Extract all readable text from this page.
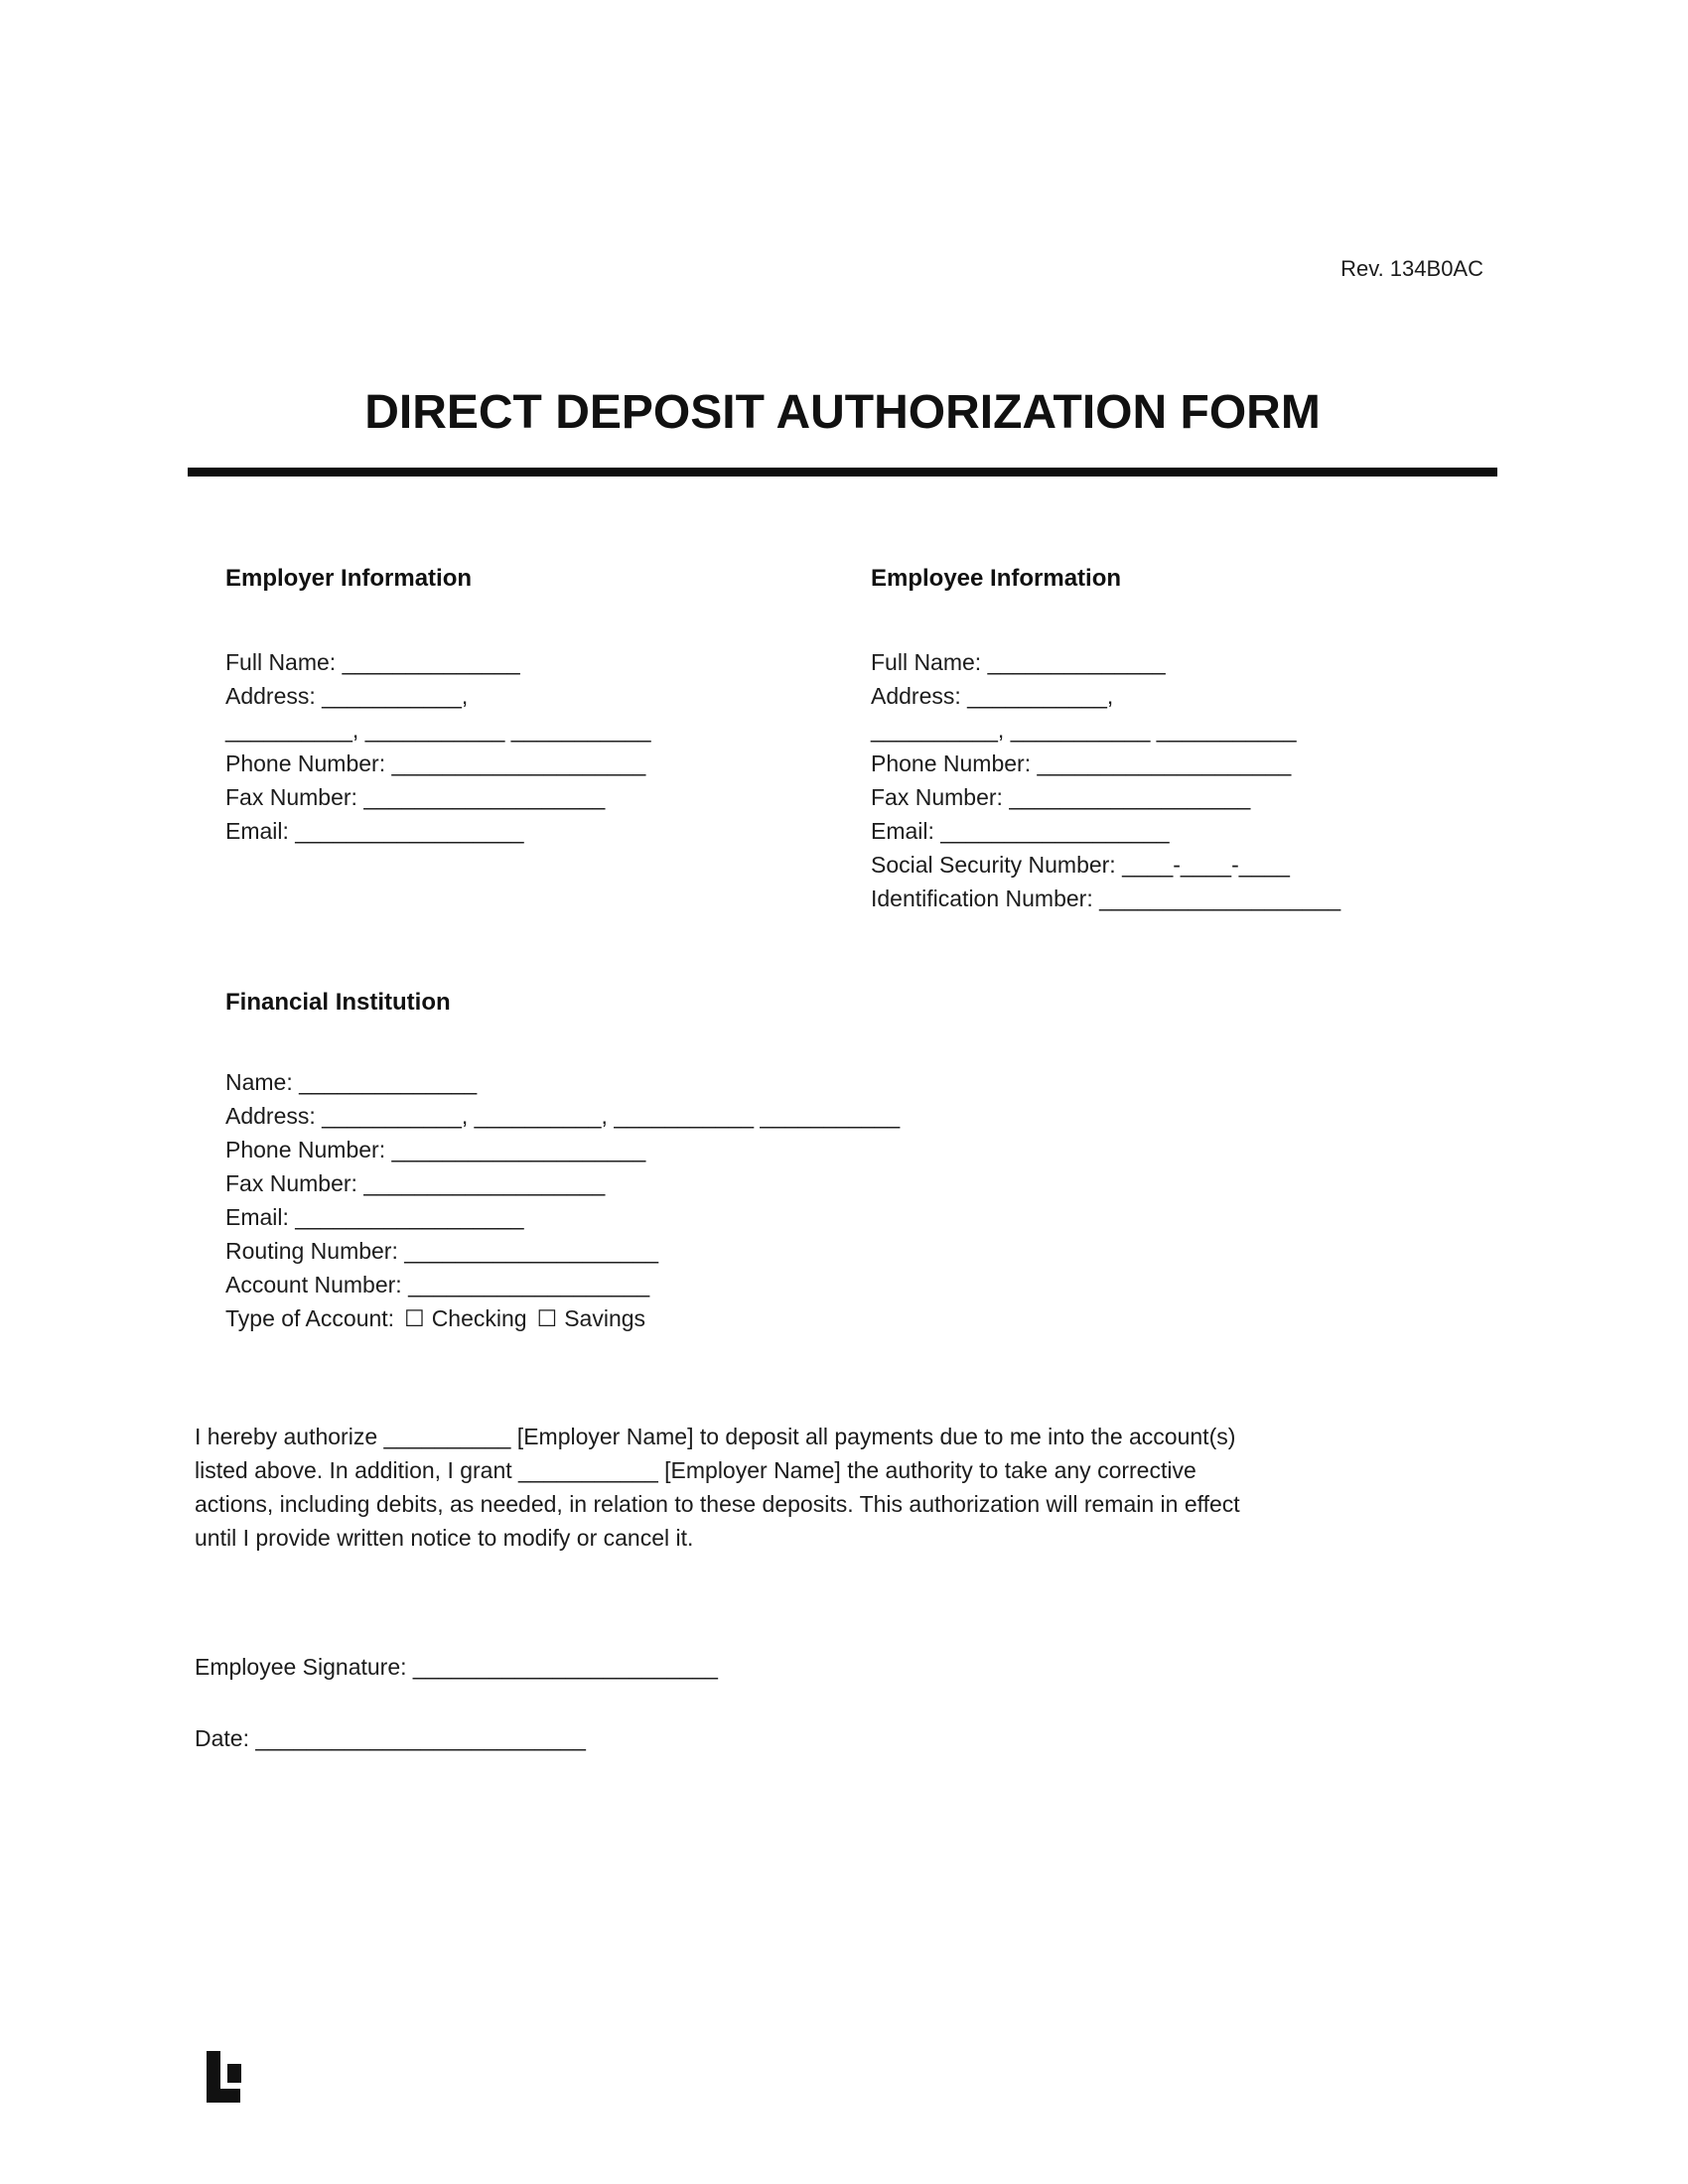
Rev. 134B0AC
DIRECT DEPOSIT AUTHORIZATION FORM
Employer Information
Full Name: ______________
Address: ___________,
__________, ___________ ___________
Phone Number: ____________________
Fax Number: ___________________
Email: __________________
Employee Information
Full Name: ______________
Address: ___________,
__________, ___________ ___________
Phone Number: ____________________
Fax Number: ___________________
Email: __________________
Social Security Number: ____-____-____
Identification Number: ___________________
Financial Institution
Name: ______________
Address: ___________, __________, ___________ ___________
Phone Number: ____________________
Fax Number: ___________________
Email: __________________
Routing Number: ____________________
Account Number: ___________________
Type of Account: ☐ Checking ☐ Savings
I hereby authorize __________ [Employer Name] to deposit all payments due to me into the account(s)
listed above. In addition, I grant ___________ [Employer Name] the authority to take any corrective
actions, including debits, as needed, in relation to these deposits. This authorization will remain in effect
until I provide written notice to modify or cancel it.
Employee Signature: ________________________
Date: __________________________
